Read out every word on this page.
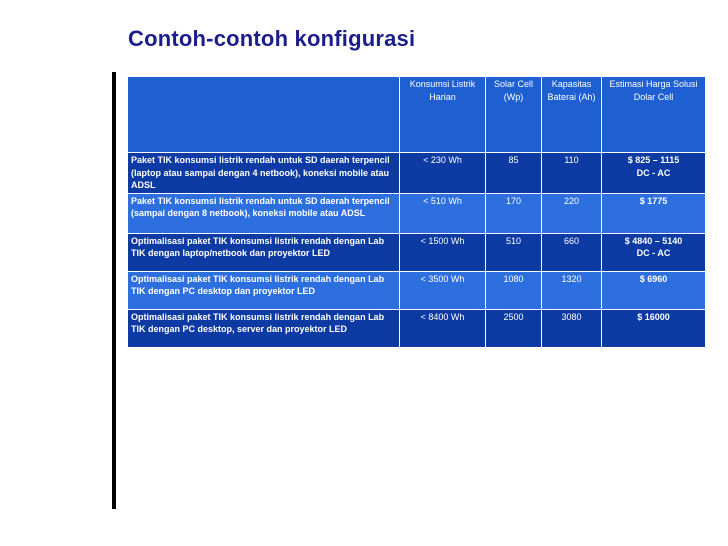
Contoh-contoh konfigurasi
	Konsumsi Listrik Harian	Solar Cell (Wp)	Kapasitas Baterai (Ah)	Estimasi Harga Solusi Dolar Cell
Paket TIK konsumsi listrik rendah untuk SD daerah terpencil (laptop atau sampai dengan 4 netbook), koneksi mobile atau ADSL	< 230 Wh	85	110	$ 825 – 1115
DC - AC

Paket TIK konsumsi listrik rendah untuk SD daerah terpencil (sampai dengan 8 netbook), koneksi mobile atau ADSL	< 510 Wh	170	220	$ 1775

Optimalisasi paket TIK konsumsi listrik rendah dengan Lab TIK dengan laptop/netbook dan proyektor LED	< 1500 Wh	510	660	$ 4840 – 5140
DC - AC

Optimalisasi paket TIK konsumsi listrik rendah dengan Lab TIK dengan PC desktop dan proyektor LED	< 3500 Wh	1080	1320	$ 6960

Optimalisasi paket TIK konsumsi listrik rendah dengan Lab TIK dengan PC desktop, server dan proyektor LED	< 8400 Wh	2500	3080	$ 16000
